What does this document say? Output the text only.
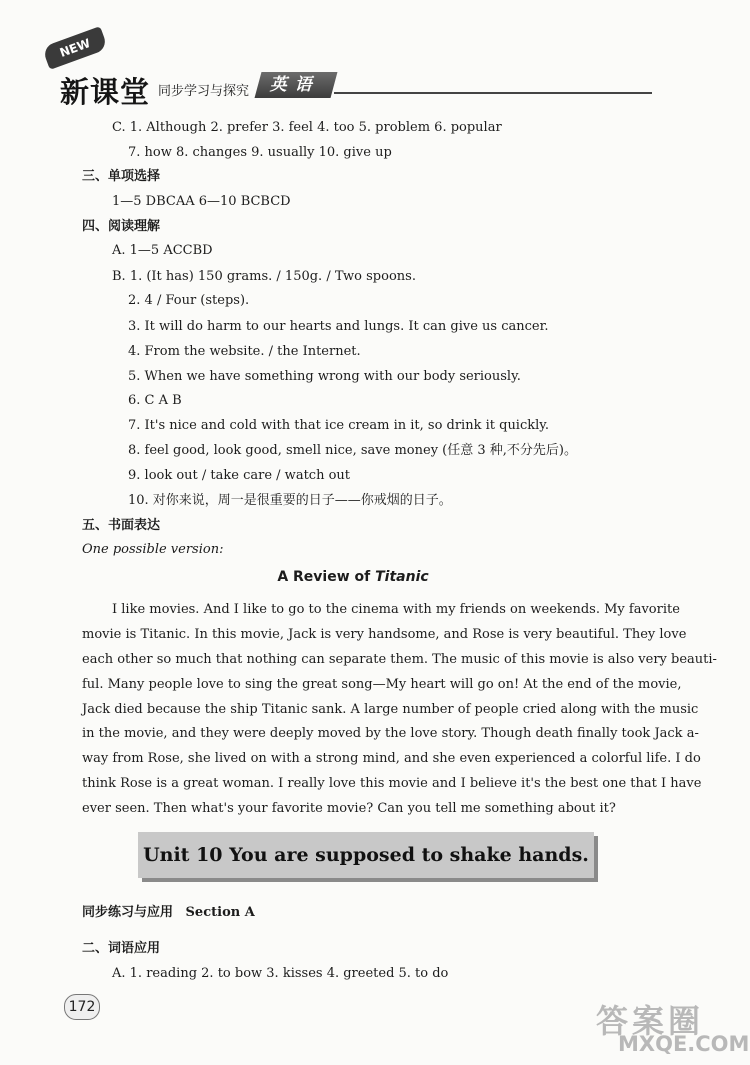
NEW
新课堂 同步学习与探究	英语
C. 1. Although 2. prefer 3. feel 4. too 5. problem 6. popular
7. how 8. changes 9. usually 10. give up
三、单项选择
1—5 DBCAA 6—10 BCBCD
四、阅读理解
A. 1—5 ACCBD
B. 1. (It has) 150 grams. / 150g. / Two spoons.
2. 4 / Four (steps).
3. It will do harm to our hearts and lungs. It can give us cancer.
4. From the website. / the Internet.
5. When we have something wrong with our body seriously.
6. C A B
7. It's nice and cold with that ice cream in it, so drink it quickly.
8. feel good, look good, smell nice, save money (任意 3 种,不分先后)。
9. look out / take care / watch out
10. 对你来说，周一是很重要的日子——你戒烟的日子。
五、书面表达
One possible version:
A Review of Titanic
I like movies. And I like to go to the cinema with my friends on weekends. My favorite
movie is Titanic. In this movie, Jack is very handsome, and Rose is very beautiful. They love
each other so much that nothing can separate them. The music of this movie is also very beauti-
ful. Many people love to sing the great song—My heart will go on! At the end of the movie,
Jack died because the ship Titanic sank. A large number of people cried along with the music
in the movie, and they were deeply moved by the love story. Though death finally took Jack a-
way from Rose, she lived on with a strong mind, and she even experienced a colorful life. I do
think Rose is a great woman. I really love this movie and I believe it's the best one that I have
ever seen. Then what's your favorite movie? Can you tell me something about it?
Unit 10 You are supposed to shake hands.
同步练习与应用 Section A
二、词语应用
A. 1. reading 2. to bow 3. kisses 4. greeted 5. to do
172	答案圈
MXQE.COM
